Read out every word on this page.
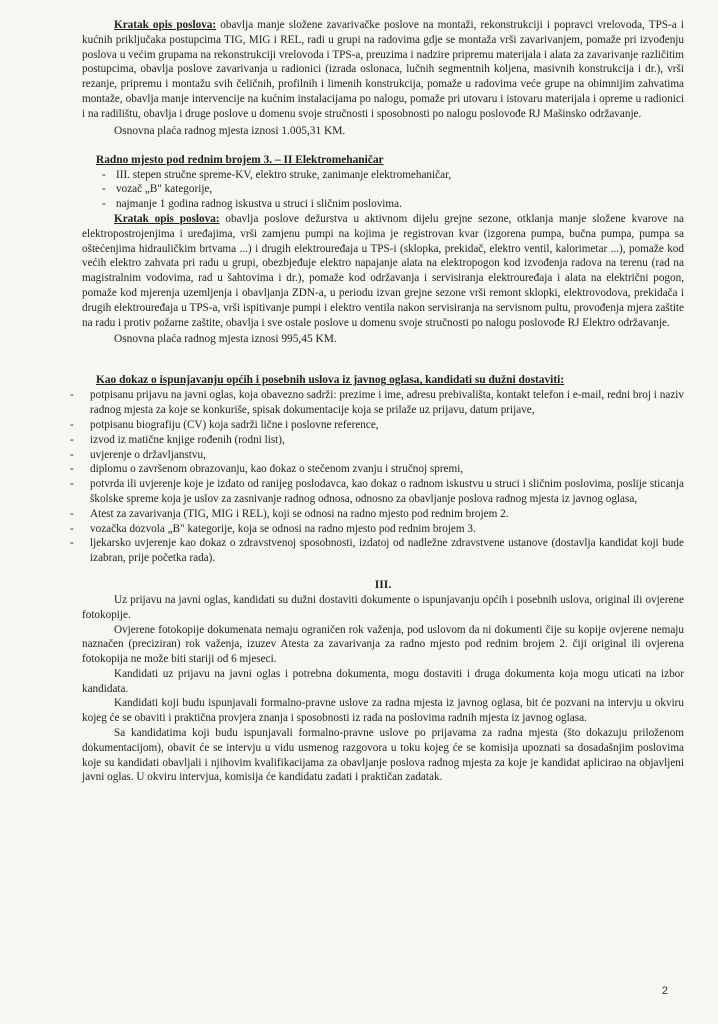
Kratak opis poslova: obavlja manje složene zavarivačke poslove na montaži, rekonstrukciji i popravci vrelovoda, TPS-a i kućnih priključaka postupcima TIG, MIG i REL, radi u grupi na radovima gdje se montaža vrši zavarivanjem, pomaže pri izvođenju poslova u većim grupama na rekonstrukciji vrelovoda i TPS-a, preuzima i nadzire pripremu materijala i alata za zavarivanje različitim postupcima, obavlja poslove zavarivanja u radionici (izrada oslonaca, lučnih segmentnih koljena, masivnih konstrukcija i dr.), vrši rezanje, pripremu i montažu svih čeličnih, profilnih i limenih konstrukcija, pomaže u radovima veće grupe na obimnijim zahvatima montaže, obavlja manje intervencije na kućnim instalacijama po nalogu, pomaže pri utovaru i istovaru materijala i opreme u radionici i na radilištu, obavlja i druge poslove u domenu svoje stručnosti i sposobnosti po nalogu poslovođe RJ Mašinsko održavanje.

Osnovna plaća radnog mjesta iznosi 1.005,31 KM.

Radno mjesto pod rednim brojem 3. – II Elektromehaničar

- III. stepen stručne spreme-KV, elektro struke, zanimanje elektromehaničar,
- vozač „B" kategorije,
- najmanje 1 godina radnog iskustva u struci i sličnim poslovima.

Kratak opis poslova: obavlja poslove dežurstva u aktivnom dijelu grejne sezone, otklanja manje složene kvarove na elektropostrojenjima i uređajima, vrši zamjenu pumpi na kojima je registrovan kvar (izgorena pumpa, bučna pumpa, pumpa sa oštećenjima hidrauličkim brtvama ...) i drugih elektrouređaja u TPS-i (sklopka, prekidač, elektro ventil, kalorimetar ...), pomaže kod većih elektro zahvata pri radu u grupi, obezbjeđuje elektro napajanje alata na elektropogon kod izvođenja radova na terenu (rad na magistralnim vodovima, rad u šahtovima i dr.), pomaže kod održavanja i servisiranja elektrouređaja i alata na električni pogon, pomaže kod mjerenja uzemljenja i obavljanja ZDN-a, u periodu izvan grejne sezone vrši remont sklopki, elektrovodova, prekidača i drugih elektrouređaja u TPS-a, vrši ispitivanje pumpi i elektro ventila nakon servisiranja na servisnom pultu, provođenja mjera zaštite na radu i protiv požarne zaštite, obavlja i sve ostale poslove u domenu svoje stručnosti po nalogu poslovođe RJ Elektro održavanje.

Osnovna plaća radnog mjesta iznosi 995,45 KM.

Kao dokaz o ispunjavanju općih i posebnih uslova iz javnog oglasa, kandidati su dužni dostaviti:

- potpisanu prijavu na javni oglas, koja obavezno sadrži: prezime i ime, adresu prebivališta, kontakt telefon i e-mail, redni broj i naziv radnog mjesta za koje se konkuriše, spisak dokumentacije koja se prilaže uz prijavu, datum prijave,
- potpisanu biografiju (CV) koja sadrži lične i poslovne reference,
- izvod iz matične knjige rođenih (rodni list),
- uvjerenje o državljanstvu,
- diplomu o završenom obrazovanju, kao dokaz o stečenom zvanju i stručnoj spremi,
- potvrda ili uvjerenje koje je izdato od ranijeg poslodavca, kao dokaz o radnom iskustvu u struci i sličnim poslovima, poslije sticanja školske spreme koja je uslov za zasnivanje radnog odnosa, odnosno za obavljanje poslova radnog mjesta iz javnog oglasa,
- Atest za zavarivanja (TIG, MIG i REL), koji se odnosi na radno mjesto pod rednim brojem 2.
- vozačka dozvola „B" kategorije, koja se odnosi na radno mjesto pod rednim brojem 3.
- ljekarsko uvjerenje kao dokaz o zdravstvenoj sposobnosti, izdatoj od nadležne zdravstvene ustanove (dostavlja kandidat koji bude izabran, prije početka rada).

III.

Uz prijavu na javni oglas, kandidati su dužni dostaviti dokumente o ispunjavanju općih i posebnih uslova, original ili ovjerene fotokopije.

Ovjerene fotokopije dokumenata nemaju ograničen rok važenja, pod uslovom da ni dokumenti čije su kopije ovjerene nemaju naznačen (preciziran) rok važenja, izuzev Atesta za zavarivanja za radno mjesto pod rednim brojem 2. čiji original ili ovjerena fotokopija ne može biti stariji od 6 mjeseci.

Kandidati uz prijavu na javni oglas i potrebna dokumenta, mogu dostaviti i druga dokumenta koja mogu uticati na izbor kandidata.

Kandidati koji budu ispunjavali formalno-pravne uslove za radna mjesta iz javnog oglasa, bit će pozvani na intervju u okviru kojeg će se obaviti i praktična provjera znanja i sposobnosti iz rada na poslovima radnih mjesta iz javnog oglasa.

Sa kandidatima koji budu ispunjavali formalno-pravne uslove po prijavama za radna mjesta (što dokazuju priloženom dokumentacijom), obavit će se intervju u vidu usmenog razgovora u toku kojeg će se komisija upoznati sa dosadašnjim poslovima koje su kandidati obavljali i njihovim kvalifikacijama za obavljanje poslova radnog mjesta za koje je kandidat aplicirao na objavljeni javni oglas. U okviru intervjua, komisija će kandidatu zadati i praktičan zadatak.

2
